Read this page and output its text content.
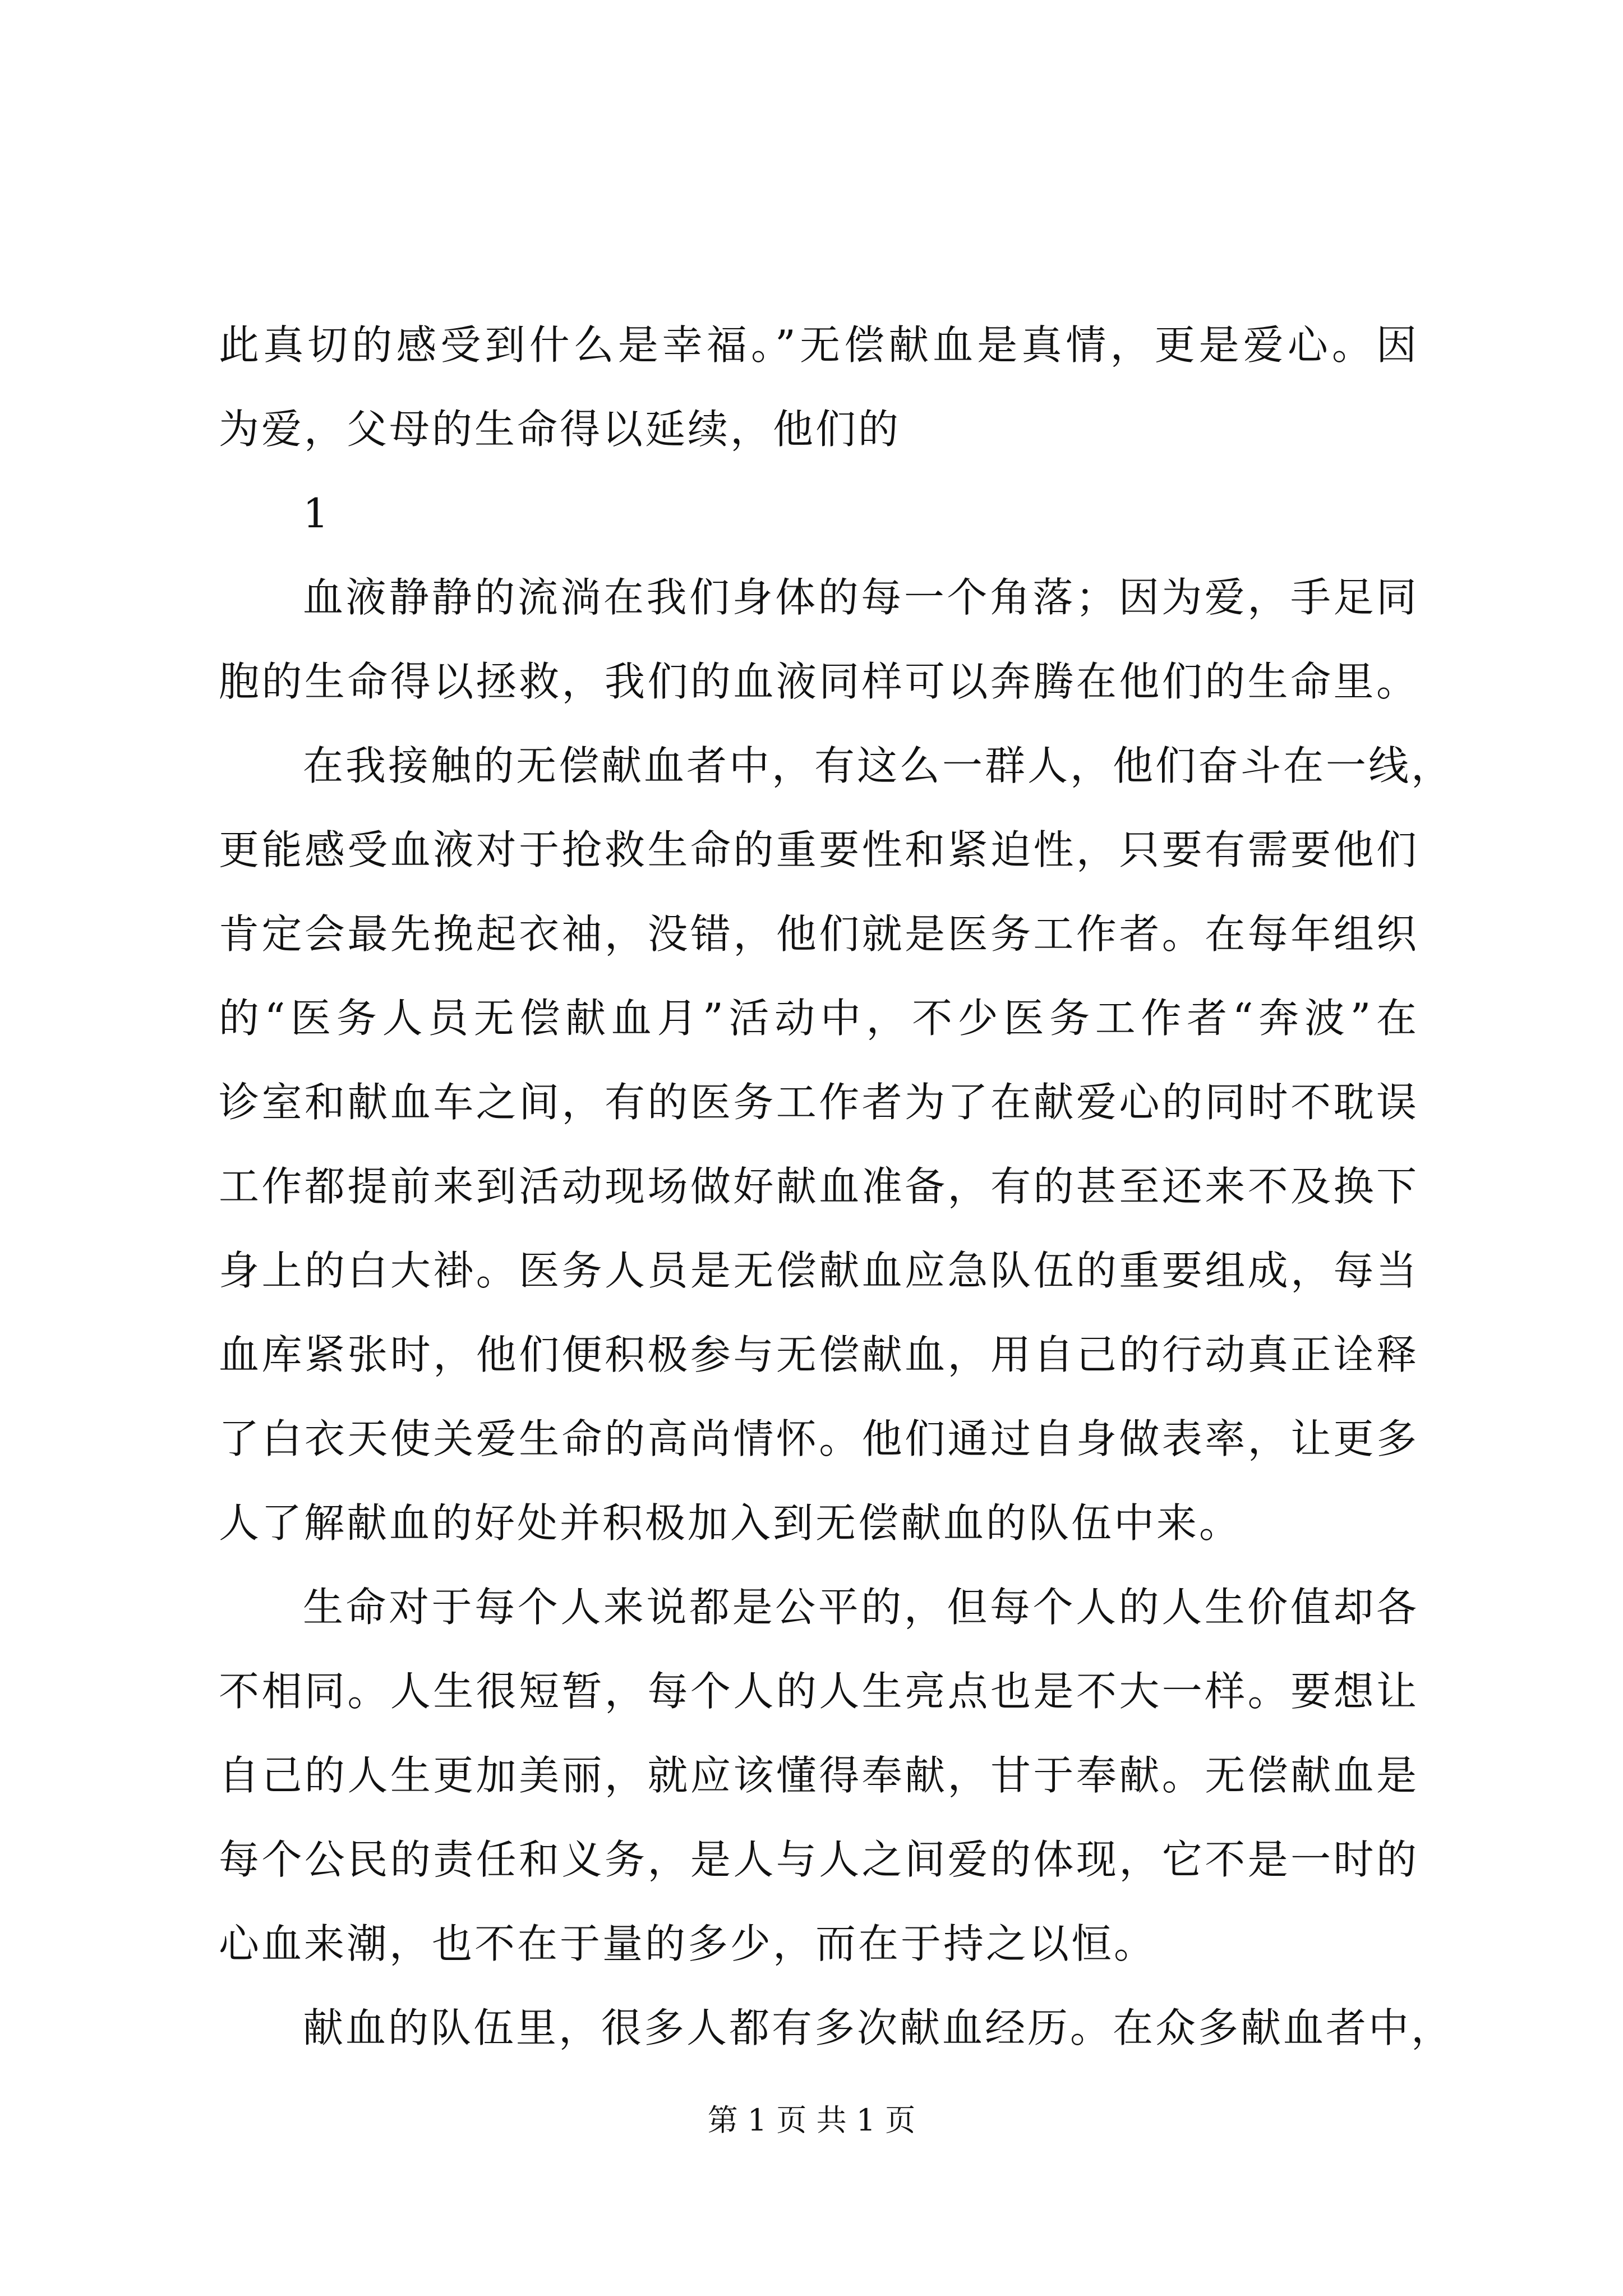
此真切的感受到什么是幸福。”无偿献血是真情，更是爱心。因
为爱，父母的生命得以延续，他们的
1
血液静静的流淌在我们身体的每一个角落；因为爱，手足同
胞的生命得以拯救，我们的血液同样可以奔腾在他们的生命里。
在我接触的无偿献血者中，有这么一群人，他们奋斗在一线，
更能感受血液对于抢救生命的重要性和紧迫性，只要有需要他们
肯定会最先挽起衣袖，没错，他们就是医务工作者。在每年组织
的“医务人员无偿献血月”活动中，不少医务工作者“奔波”在
诊室和献血车之间，有的医务工作者为了在献爱心的同时不耽误
工作都提前来到活动现场做好献血准备，有的甚至还来不及换下
身上的白大褂。医务人员是无偿献血应急队伍的重要组成，每当
血库紧张时，他们便积极参与无偿献血，用自己的行动真正诠释
了白衣天使关爱生命的高尚情怀。他们通过自身做表率，让更多
人了解献血的好处并积极加入到无偿献血的队伍中来。
生命对于每个人来说都是公平的，但每个人的人生价值却各
不相同。人生很短暂，每个人的人生亮点也是不大一样。要想让
自己的人生更加美丽，就应该懂得奉献，甘于奉献。无偿献血是
每个公民的责任和义务，是人与人之间爱的体现，它不是一时的
心血来潮，也不在于量的多少，而在于持之以恒。
献血的队伍里，很多人都有多次献血经历。在众多献血者中，
第 1 页 共 1 页
